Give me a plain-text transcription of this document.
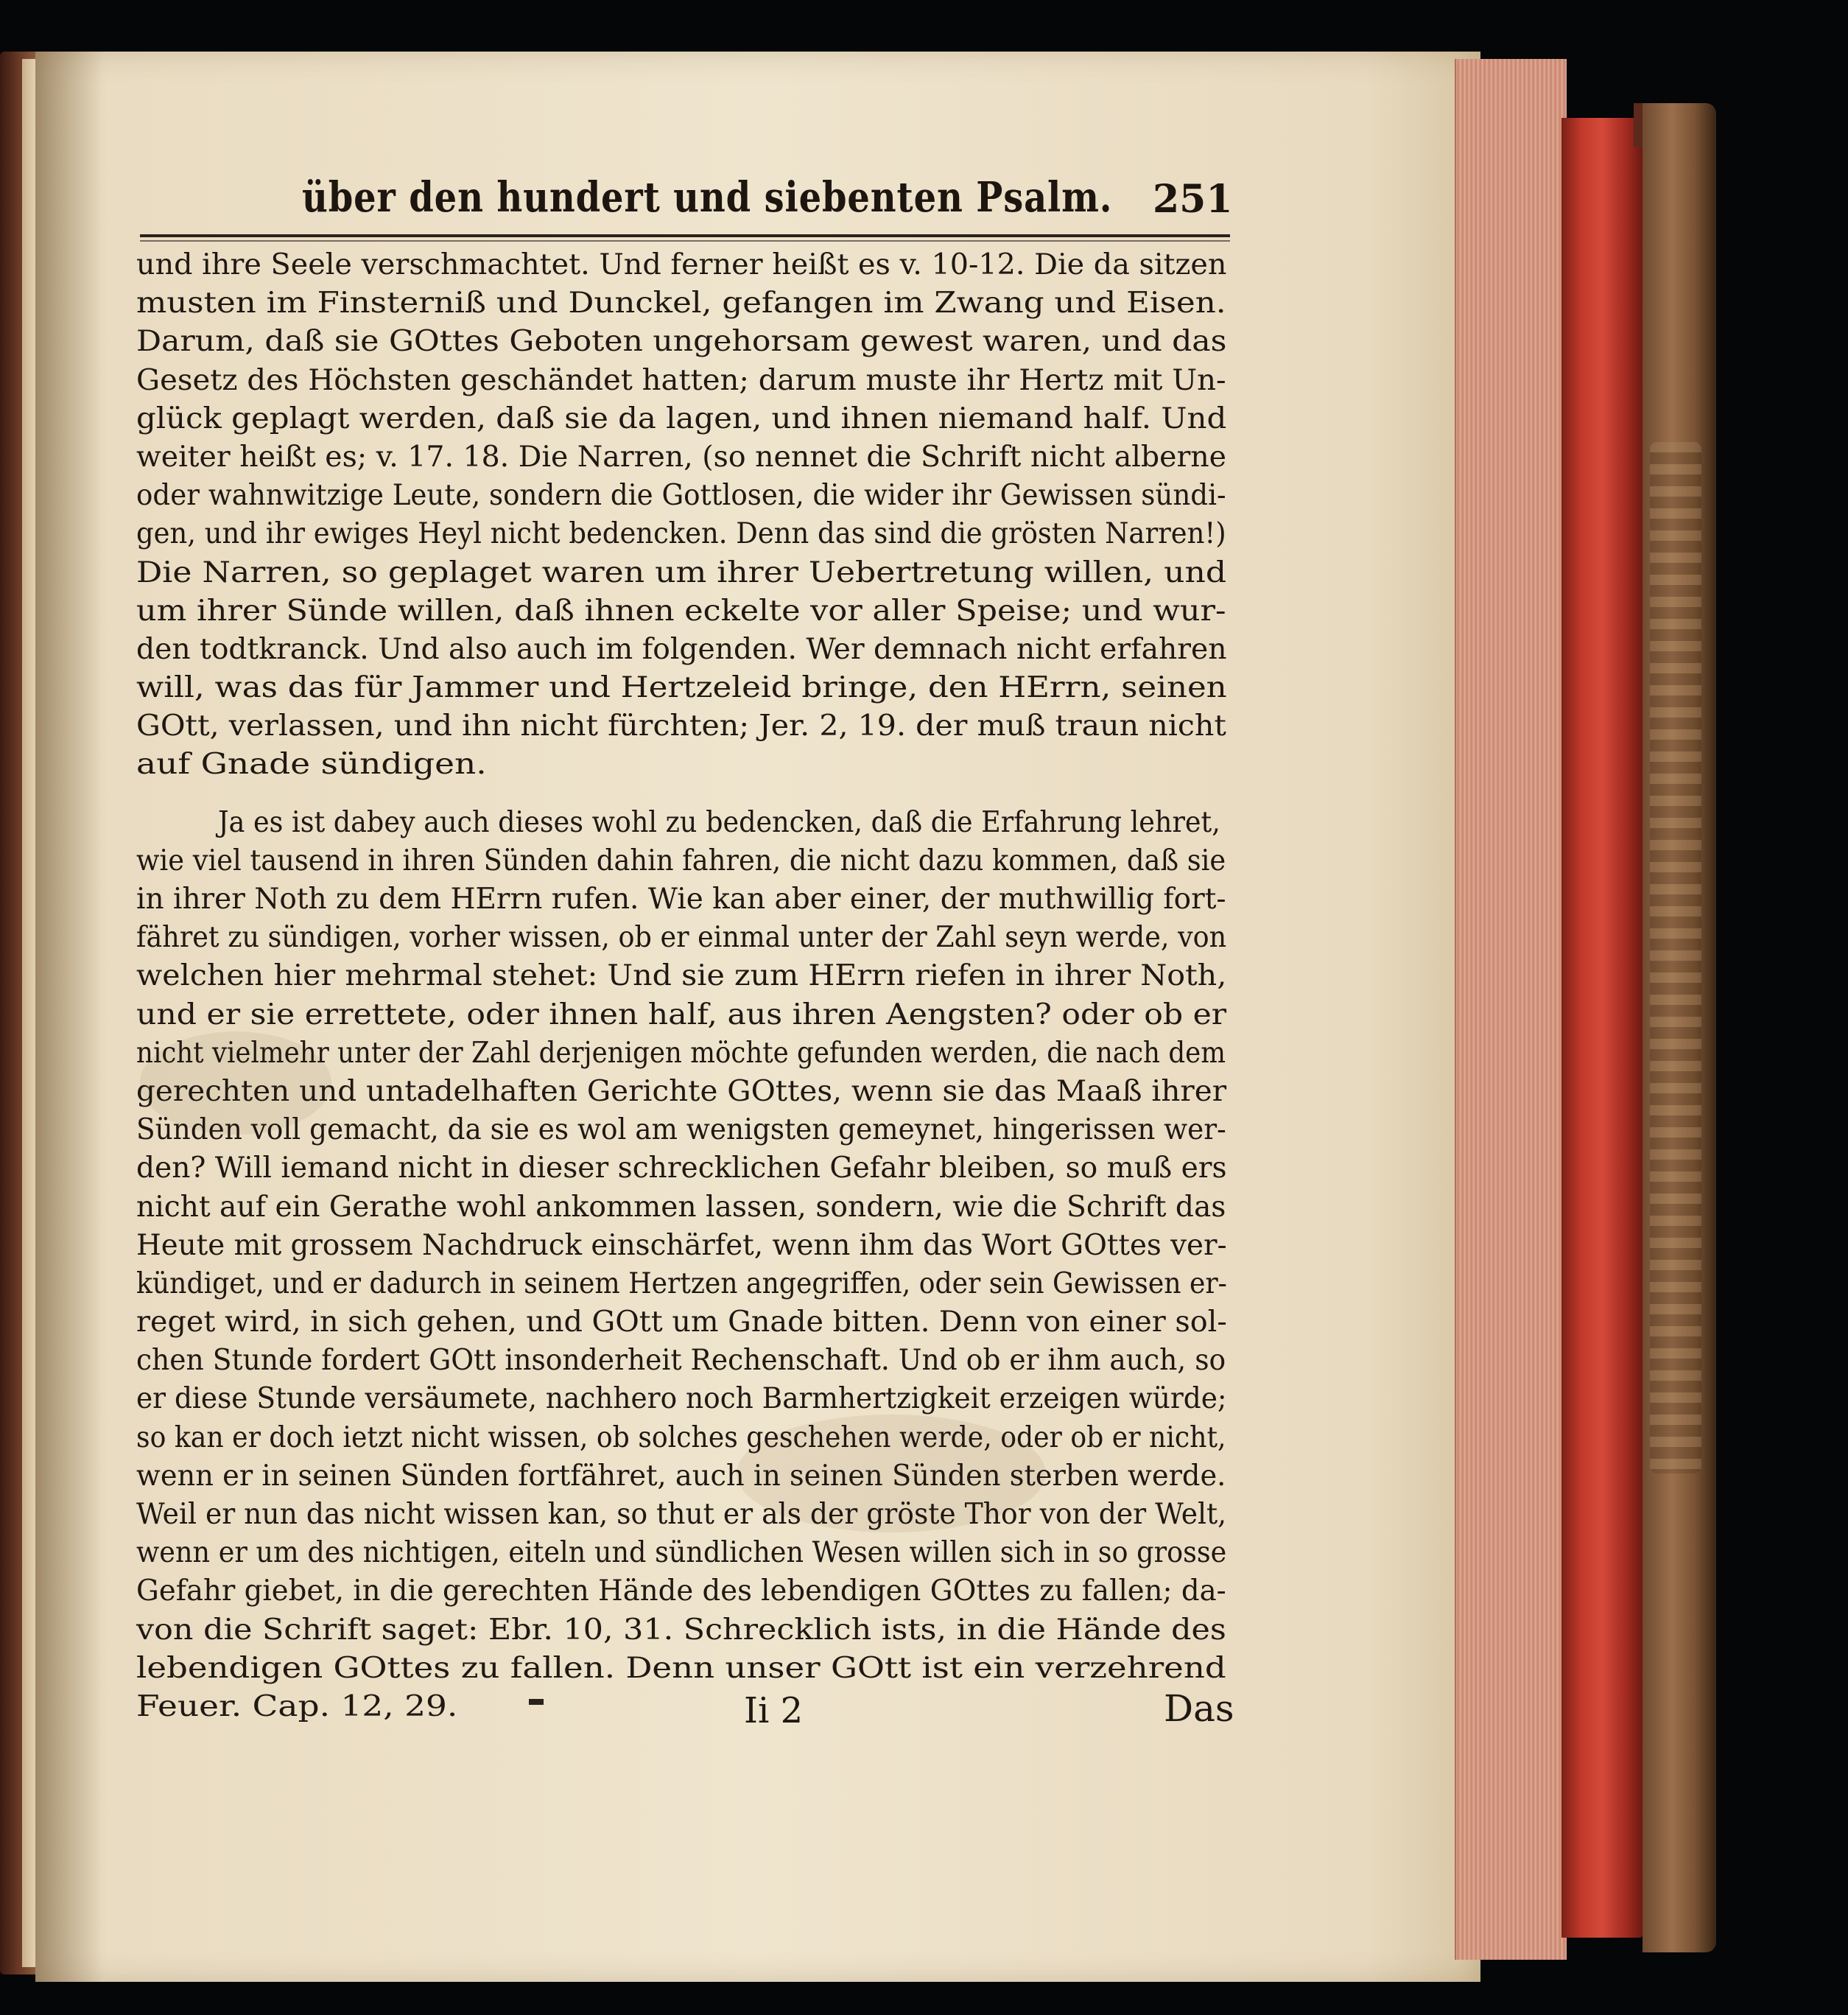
über den hundert und siebenten Psalm. 251
und ihre Seele verschmachtet. Und ferner heißt es v. 10-12. Die da sitzen
musten im Finsterniß und Dunckel, gefangen im Zwang und Eisen.
Darum, daß sie GOttes Geboten ungehorsam gewest waren, und das
Gesetz des Höchsten geschändet hatten; darum muste ihr Hertz mit Un-
glück geplagt werden, daß sie da lagen, und ihnen niemand half. Und
weiter heißt es; v. 17. 18. Die Narren, (so nennet die Schrift nicht alberne
oder wahnwitzige Leute, sondern die Gottlosen, die wider ihr Gewissen sündi-
gen, und ihr ewiges Heyl nicht bedencken. Denn das sind die grösten Narren!)
Die Narren, so geplaget waren um ihrer Uebertretung willen, und
um ihrer Sünde willen, daß ihnen eckelte vor aller Speise; und wur-
den todtkranck. Und also auch im folgenden. Wer demnach nicht erfahren
will, was das für Jammer und Hertzeleid bringe, den HErrn, seinen
GOtt, verlassen, und ihn nicht fürchten; Jer. 2, 19. der muß traun nicht
auf Gnade sündigen.
Ja es ist dabey auch dieses wohl zu bedencken, daß die Erfahrung lehret,
wie viel tausend in ihren Sünden dahin fahren, die nicht dazu kommen, daß sie
in ihrer Noth zu dem HErrn rufen. Wie kan aber einer, der muthwillig fort-
fähret zu sündigen, vorher wissen, ob er einmal unter der Zahl seyn werde, von
welchen hier mehrmal stehet: Und sie zum HErrn riefen in ihrer Noth,
und er sie errettete, oder ihnen half, aus ihren Aengsten? oder ob er
nicht vielmehr unter der Zahl derjenigen möchte gefunden werden, die nach dem
gerechten und untadelhaften Gerichte GOttes, wenn sie das Maaß ihrer
Sünden voll gemacht, da sie es wol am wenigsten gemeynet, hingerissen wer-
den? Will iemand nicht in dieser schrecklichen Gefahr bleiben, so muß ers
nicht auf ein Gerathe wohl ankommen lassen, sondern, wie die Schrift das
Heute mit grossem Nachdruck einschärfet, wenn ihm das Wort GOttes ver-
kündiget, und er dadurch in seinem Hertzen angegriffen, oder sein Gewissen er-
reget wird, in sich gehen, und GOtt um Gnade bitten. Denn von einer sol-
chen Stunde fordert GOtt insonderheit Rechenschaft. Und ob er ihm auch, so
er diese Stunde versäumete, nachhero noch Barmhertzigkeit erzeigen würde;
so kan er doch ietzt nicht wissen, ob solches geschehen werde, oder ob er nicht,
wenn er in seinen Sünden fortfähret, auch in seinen Sünden sterben werde.
Weil er nun das nicht wissen kan, so thut er als der gröste Thor von der Welt,
wenn er um des nichtigen, eiteln und sündlichen Wesen willen sich in so grosse
Gefahr giebet, in die gerechten Hände des lebendigen GOttes zu fallen; da-
von die Schrift saget: Ebr. 10, 31. Schrecklich ists, in die Hände des
lebendigen GOttes zu fallen. Denn unser GOtt ist ein verzehrend
Feuer. Cap. 12, 29.	Ii 2	Das
